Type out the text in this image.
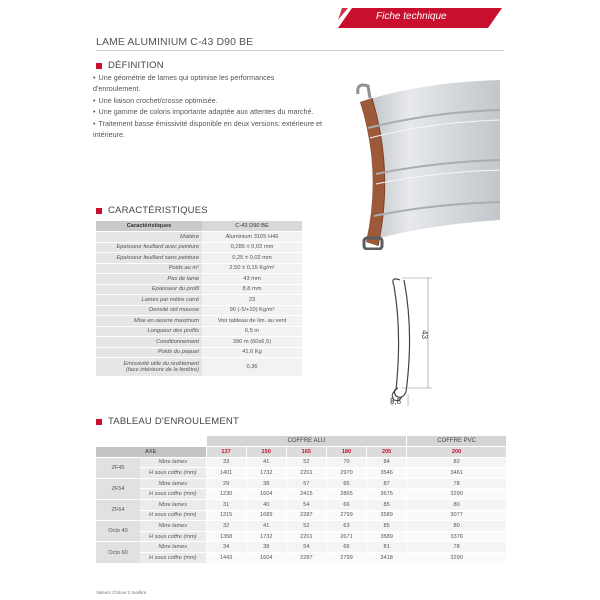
Fiche technique
LAME ALUMINIUM C-43 D90 BE
DÉFINITION
• Une géométrie de lames qui optimise les performances d'enroulement.
• Une liaison crochet/crosse optimisée.
• Une gamme de coloris importante adaptée aux attentes du marché.
• Traitement basse émissivité disponible en deux versions: extérieure et intérieure.
43
8,8
CARACTÉRISTIQUES
Caractéristiques	C-43 D90 BE
Matière	Aluminium 3105 H46
Epaisseur feuillard avec peinture	0,285 ± 0,02 mm
Epaisseur feuillard sans peinture	0,25 ± 0,02 mm
Poids au m²	2,50 ± 0,15 Kg/m²
Pas de lame	43 mm
Epaisseur du profil	8,8 mm
Lames par mètre carré	23
Densité std mousse	90 (-5/+10) Kg/m³
Mise en oeuvre maximum	Voir tableau de lim. au vent
Longueur des profils	6,5 m
Conditionnement	390 m (60x6,5)
Poids du paquet	41,6 Kg
Emissivité utile du revêtement
(face intérieure de la fenêtre)	0,36
TABLEAU D'ENROULEMENT
		COFFRE ALU					COFFRE PVC
AXE		137	150	165	180	205	200
ZF45	Nbre lames	33	41	52	70	84	82
	H sous coffre (mm)	1401	1732	2201	2970	3546	3461
ZF54	Nbre lames	29	38	57	65	87	78
	H sous coffre (mm)	1230	1604	2415	2865	3675	3290
ZF64	Nbre lames	31	40	54	66	85	80
	H sous coffre (mm)	1315	1689	2287	2799	3589	3077
Octo 40	Nbre lames	32	41	52	63	85	80
	H sous coffre (mm)	1358	1732	2201	2671	3589	3376
Octo 60	Nbre lames	34	38	54	66	81	78
	H sous coffre (mm)	1443	1604	2287	2799	3418	3290
Valeurs Cfolour 2 mailkra
